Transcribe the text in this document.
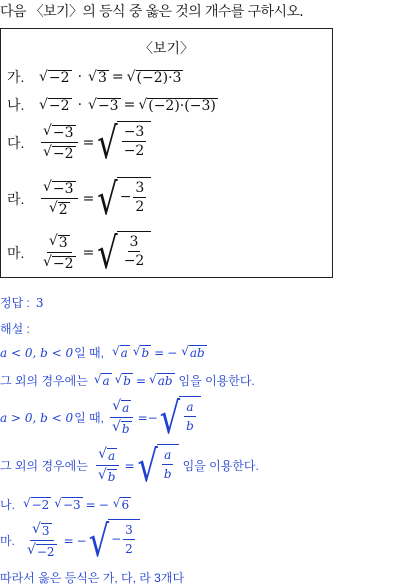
다음 〈보기〉의 등식 중 옳은 것의 개수를 구하시오.
〈보기〉
가.	√ −2 · √ 3 = √ (−2)·3
나.	√ −2 · √ −3 = √ (−2)·(−3)
다.	$\frac{√ -3}{√ -2}$ = √ $\frac{-3}{-2}$
라.	$\frac{√ -3}{√ 2}$ = √ − $\frac{3}{2}$
마.	$\frac{√ 3}{√ -2}$ = √ $\frac{3}{-2}$
정답 : 3
해설 :
a < 0, b < 0 일 때, √ a √ b = − √ ab
그 외의 경우에는 √ a √ b = √ ab 임을 이용한다.
a > 0, b < 0 일 때, $\frac{√ a}{√ b}$ =− √ $\frac{a}{b}$
그 외의 경우에는 $\frac{√ a}{√ b}$ = √ $\frac{a}{b}$ 임을 이용한다.
나. √ −2 √ −3 = − √ 6
마. $\frac{√ 3}{√ -2}$ = − √ − $\frac{3}{2}$
따라서 옳은 등식은 가, 다, 라 3개다
